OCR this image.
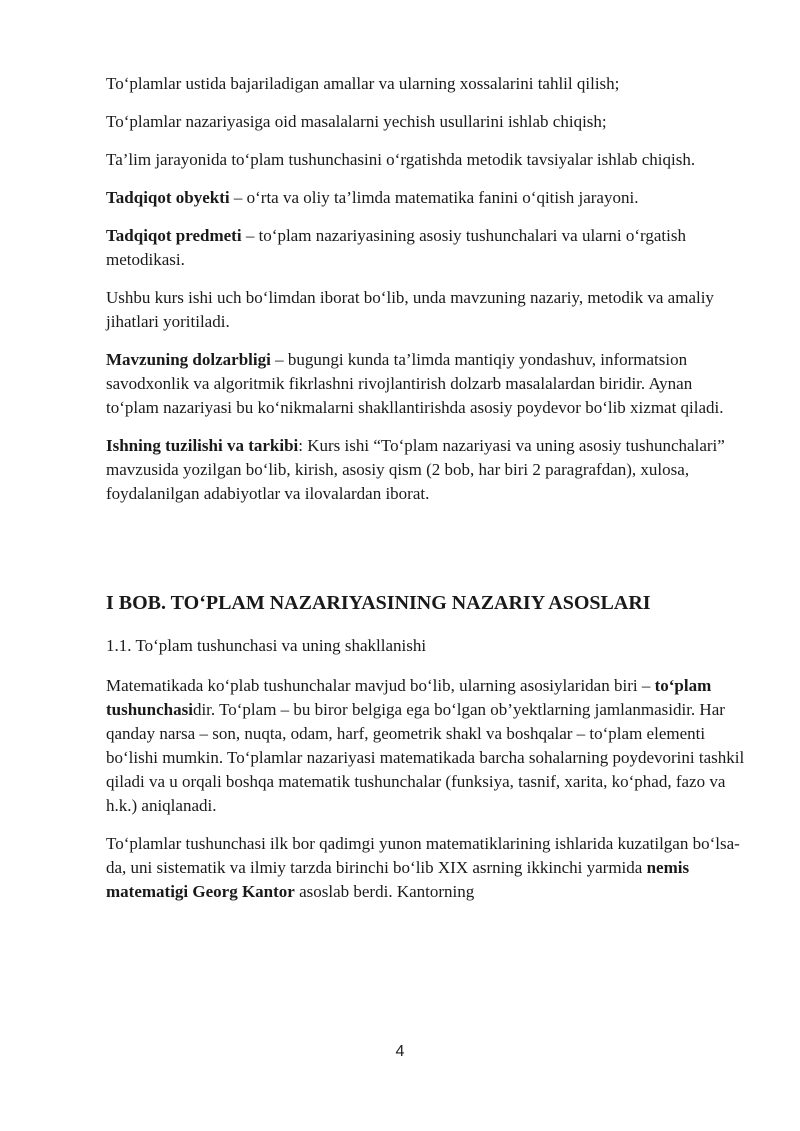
To‘plamlar ustida bajariladigan amallar va ularning xossalarini tahlil qilish;

To‘plamlar nazariyasiga oid masalalarni yechish usullarini ishlab chiqish;

Ta’lim jarayonida to‘plam tushunchasini o‘rgatishda metodik tavsiyalar ishlab chiqish.

Tadqiqot obyekti – o‘rta va oliy ta’limda matematika fanini o‘qitish jarayoni.

Tadqiqot predmeti – to‘plam nazariyasining asosiy tushunchalari va ularni o‘rgatish metodikasi.

Ushbu kurs ishi uch bo‘limdan iborat bo‘lib, unda mavzuning nazariy, metodik va amaliy jihatlari yoritiladi.

Mavzuning dolzarbligi – bugungi kunda ta’limda mantiqiy yondashuv, informatsion savodxonlik va algoritmik fikrlashni rivojlantirish dolzarb masalalardan biridir. Aynan to‘plam nazariyasi bu ko‘nikmalarni shakllantirishda asosiy poydevor bo‘lib xizmat qiladi.

Ishning tuzilishi va tarkibi: Kurs ishi “To‘plam nazariyasi va uning asosiy tushunchalari” mavzusida yozilgan bo‘lib, kirish, asosiy qism (2 bob, har biri 2 paragrafdan), xulosa, foydalanilgan adabiyotlar va ilovalardan iborat.

I BOB. TO‘PLAM NAZARIYASINING NAZARIY ASOSLARI

1.1. To‘plam tushunchasi va uning shakllanishi

Matematikada ko‘plab tushunchalar mavjud bo‘lib, ularning asosiylaridan biri – to‘plam tushunchasidir. To‘plam – bu biror belgiga ega bo‘lgan ob’yektlarning jamlanmasidir. Har qanday narsa – son, nuqta, odam, harf, geometrik shakl va boshqalar – to‘plam elementi bo‘lishi mumkin. To‘plamlar nazariyasi matematikada barcha sohalarning poydevorini tashkil qiladi va u orqali boshqa matematik tushunchalar (funksiya, tasnif, xarita, ko‘phad, fazo va h.k.) aniqlanadi.

To‘plamlar tushunchasi ilk bor qadimgi yunon matematiklarining ishlarida kuzatilgan bo‘lsa-da, uni sistematik va ilmiy tarzda birinchi bo‘lib XIX asrning ikkinchi yarmida nemis matematigi Georg Kantor asoslab berdi. Kantorning

4
